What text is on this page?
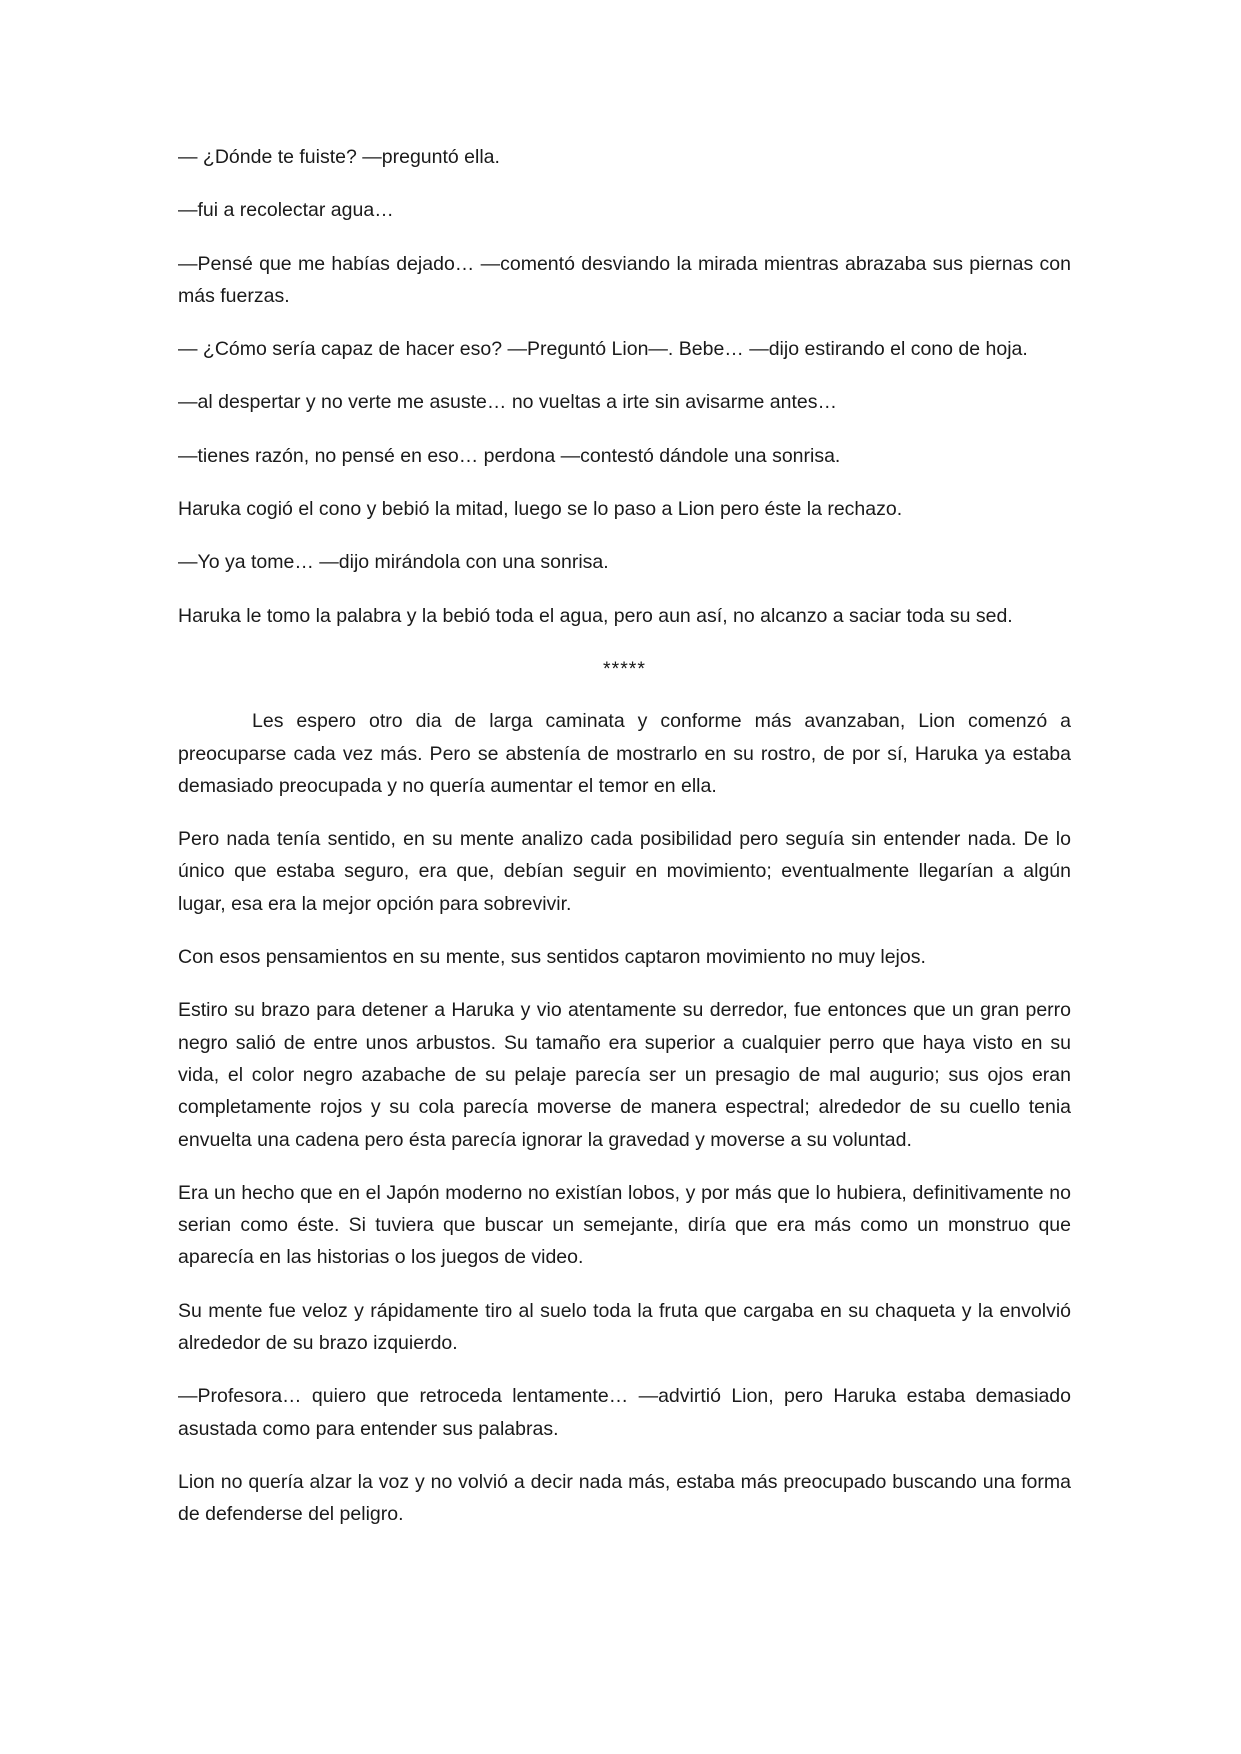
— ¿Dónde te fuiste? —preguntó ella.

—fui a recolectar agua…

—Pensé que me habías dejado… —comentó desviando la mirada mientras abrazaba sus piernas con más fuerzas.

— ¿Cómo sería capaz de hacer eso? —Preguntó Lion—. Bebe… —dijo estirando el cono de hoja.

—al despertar y no verte me asuste… no vueltas a irte sin avisarme antes…

—tienes razón, no pensé en eso… perdona —contestó dándole una sonrisa.

Haruka cogió el cono y bebió la mitad, luego se lo paso a Lion pero éste la rechazo.

—Yo ya tome… —dijo mirándola con una sonrisa.

Haruka le tomo la palabra y la bebió toda el agua, pero aun así, no alcanzo a saciar toda su sed.

*****

Les espero otro dia de larga caminata y conforme más avanzaban, Lion comenzó a preocuparse cada vez más. Pero se abstenía de mostrarlo en su rostro, de por sí, Haruka ya estaba demasiado preocupada y no quería aumentar el temor en ella.

Pero nada tenía sentido, en su mente analizo cada posibilidad pero seguía sin entender nada. De lo único que estaba seguro, era que, debían seguir en movimiento; eventualmente llegarían a algún lugar, esa era la mejor opción para sobrevivir.

Con esos pensamientos en su mente, sus sentidos captaron movimiento no muy lejos.

Estiro su brazo para detener a Haruka y vio atentamente su derredor, fue entonces que un gran perro negro salió de entre unos arbustos. Su tamaño era superior a cualquier perro que haya visto en su vida, el color negro azabache de su pelaje parecía ser un presagio de mal augurio; sus ojos eran completamente rojos y su cola parecía moverse de manera espectral; alrededor de su cuello tenia envuelta una cadena pero ésta parecía ignorar la gravedad y moverse a su voluntad.

Era un hecho que en el Japón moderno no existían lobos, y por más que lo hubiera, definitivamente no serian como éste. Si tuviera que buscar un semejante, diría que era más como un monstruo que aparecía en las historias o los juegos de video.

Su mente fue veloz y rápidamente tiro al suelo toda la fruta que cargaba en su chaqueta y la envolvió alrededor de su brazo izquierdo.

—Profesora… quiero que retroceda lentamente… —advirtió Lion, pero Haruka estaba demasiado asustada como para entender sus palabras.

Lion no quería alzar la voz y no volvió a decir nada más, estaba más preocupado buscando una forma de defenderse del peligro.
